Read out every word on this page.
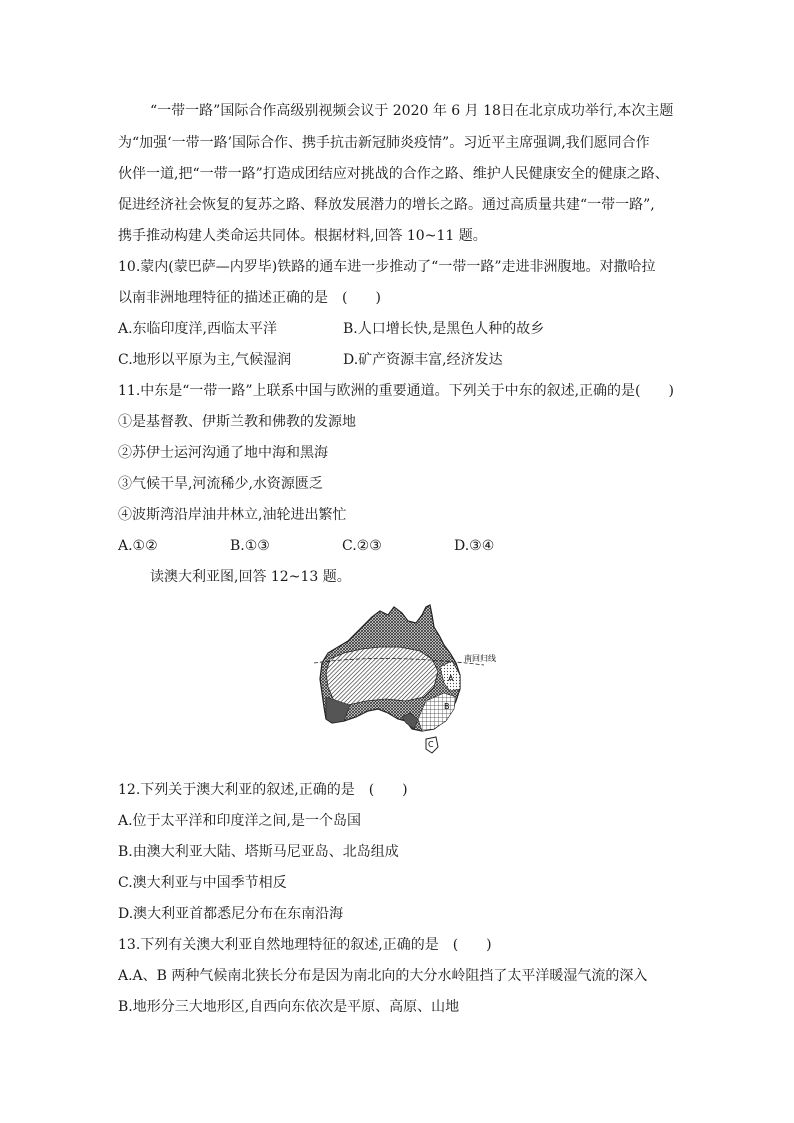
“一带一路”国际合作高级别视频会议于 2020 年 6 月 18日在北京成功举行,本次主题

为“加强‘一带一路’国际合作、携手抗击新冠肺炎疫情”。习近平主席强调,我们愿同合作

伙伴一道,把“一带一路”打造成团结应对挑战的合作之路、维护人民健康安全的健康之路、

促进经济社会恢复的复苏之路、释放发展潜力的增长之路。通过高质量共建“一带一路”,

携手推动构建人类命运共同体。根据材料,回答 10~11 题。

10.蒙内(蒙巴萨—内罗毕)铁路的通车进一步推动了“一带一路”走进非洲腹地。对撒哈拉

以南非洲地理特征的描述正确的是　(　　)

A.东临印度洋,西临太平洋	B.人口增长快,是黑色人种的故乡
C.地形以平原为主,气候湿润	D.矿产资源丰富,经济发达

11.中东是“一带一路”上联系中国与欧洲的重要通道。下列关于中东的叙述,正确的是(　　)

①是基督教、伊斯兰教和佛教的发源地

②苏伊士运河沟通了地中海和黑海

③气候干旱,河流稀少,水资源匮乏

④波斯湾沿岸油井林立,油轮进出繁忙

A.①②	B.①③	C.②③	D.③④

读澳大利亚图,回答 12~13 题。

南回归线
A
B
C

12.下列关于澳大利亚的叙述,正确的是　(　　)

A.位于太平洋和印度洋之间,是一个岛国

B.由澳大利亚大陆、塔斯马尼亚岛、北岛组成

C.澳大利亚与中国季节相反

D.澳大利亚首都悉尼分布在东南沿海

13.下列有关澳大利亚自然地理特征的叙述,正确的是　(　　)

A.A、B 两种气候南北狭长分布是因为南北向的大分水岭阻挡了太平洋暖湿气流的深入

B.地形分三大地形区,自西向东依次是平原、高原、山地
